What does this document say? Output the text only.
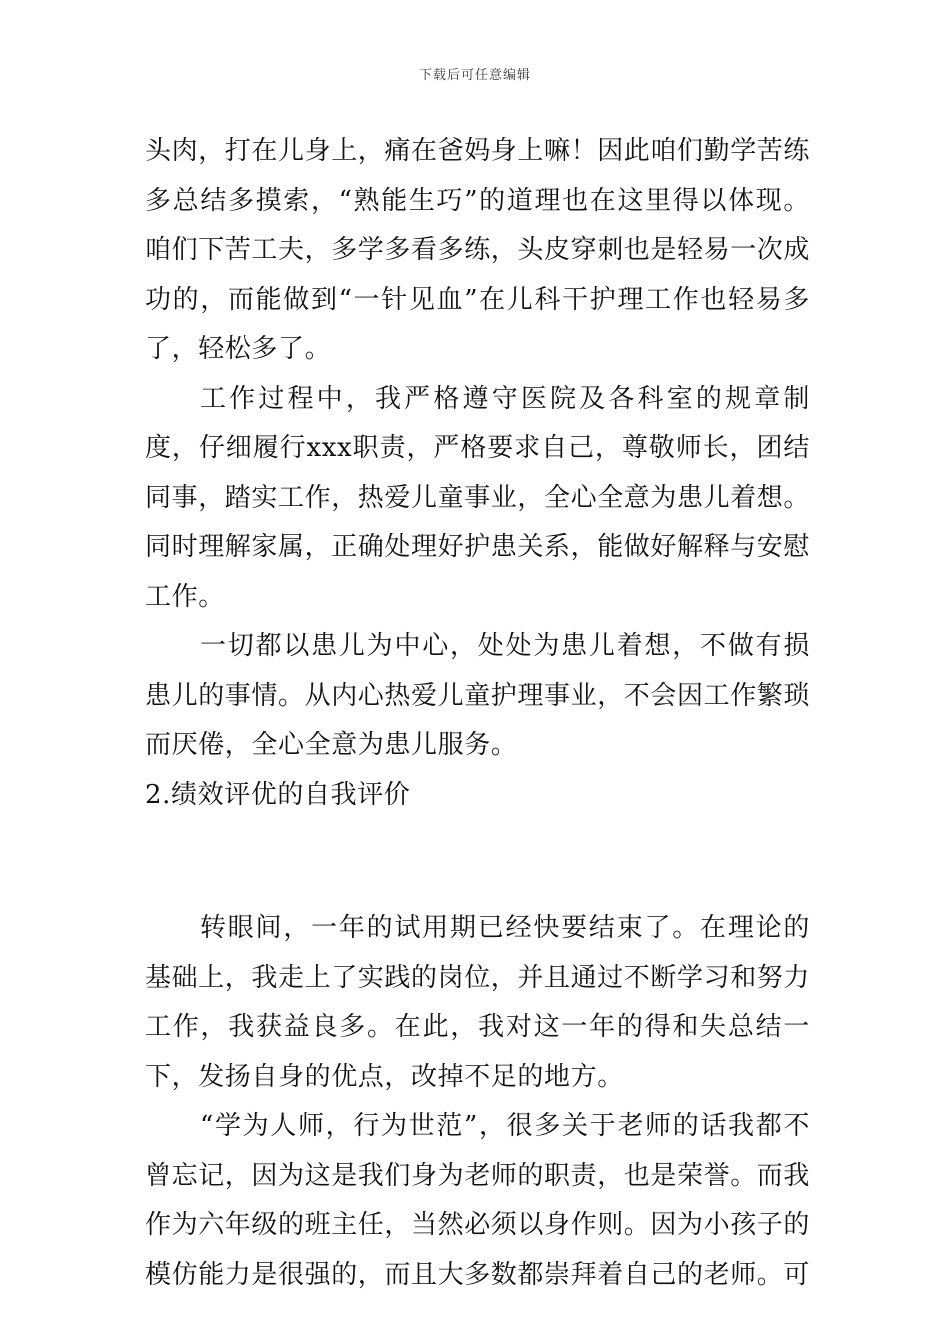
下载后可任意编辑

头肉，打在儿身上，痛在爸妈身上嘛！因此咱们勤学苦练多总结多摸索，“熟能生巧”的道理也在这里得以体现。咱们下苦工夫，多学多看多练，头皮穿刺也是轻易一次成功的，而能做到“一针见血”在儿科干护理工作也轻易多了，轻松多了。

工作过程中，我严格遵守医院及各科室的规章制度，仔细履行xxx职责，严格要求自己，尊敬师长，团结同事，踏实工作，热爱儿童事业，全心全意为患儿着想。同时理解家属，正确处理好护患关系，能做好解释与安慰工作。

一切都以患儿为中心，处处为患儿着想，不做有损患儿的事情。从内心热爱儿童护理事业，不会因工作繁琐而厌倦，全心全意为患儿服务。

2.绩效评优的自我评价

转眼间，一年的试用期已经快要结束了。在理论的基础上，我走上了实践的岗位，并且通过不断学习和努力工作，我获益良多。在此，我对这一年的得和失总结一下，发扬自身的优点，改掉不足的地方。

“学为人师，行为世范”，很多关于老师的话我都不曾忘记，因为这是我们身为老师的职责，也是荣誉。而我作为六年级的班主任，当然必须以身作则。因为小孩子的模仿能力是很强的，而且大多数都崇拜着自己的老师。可
